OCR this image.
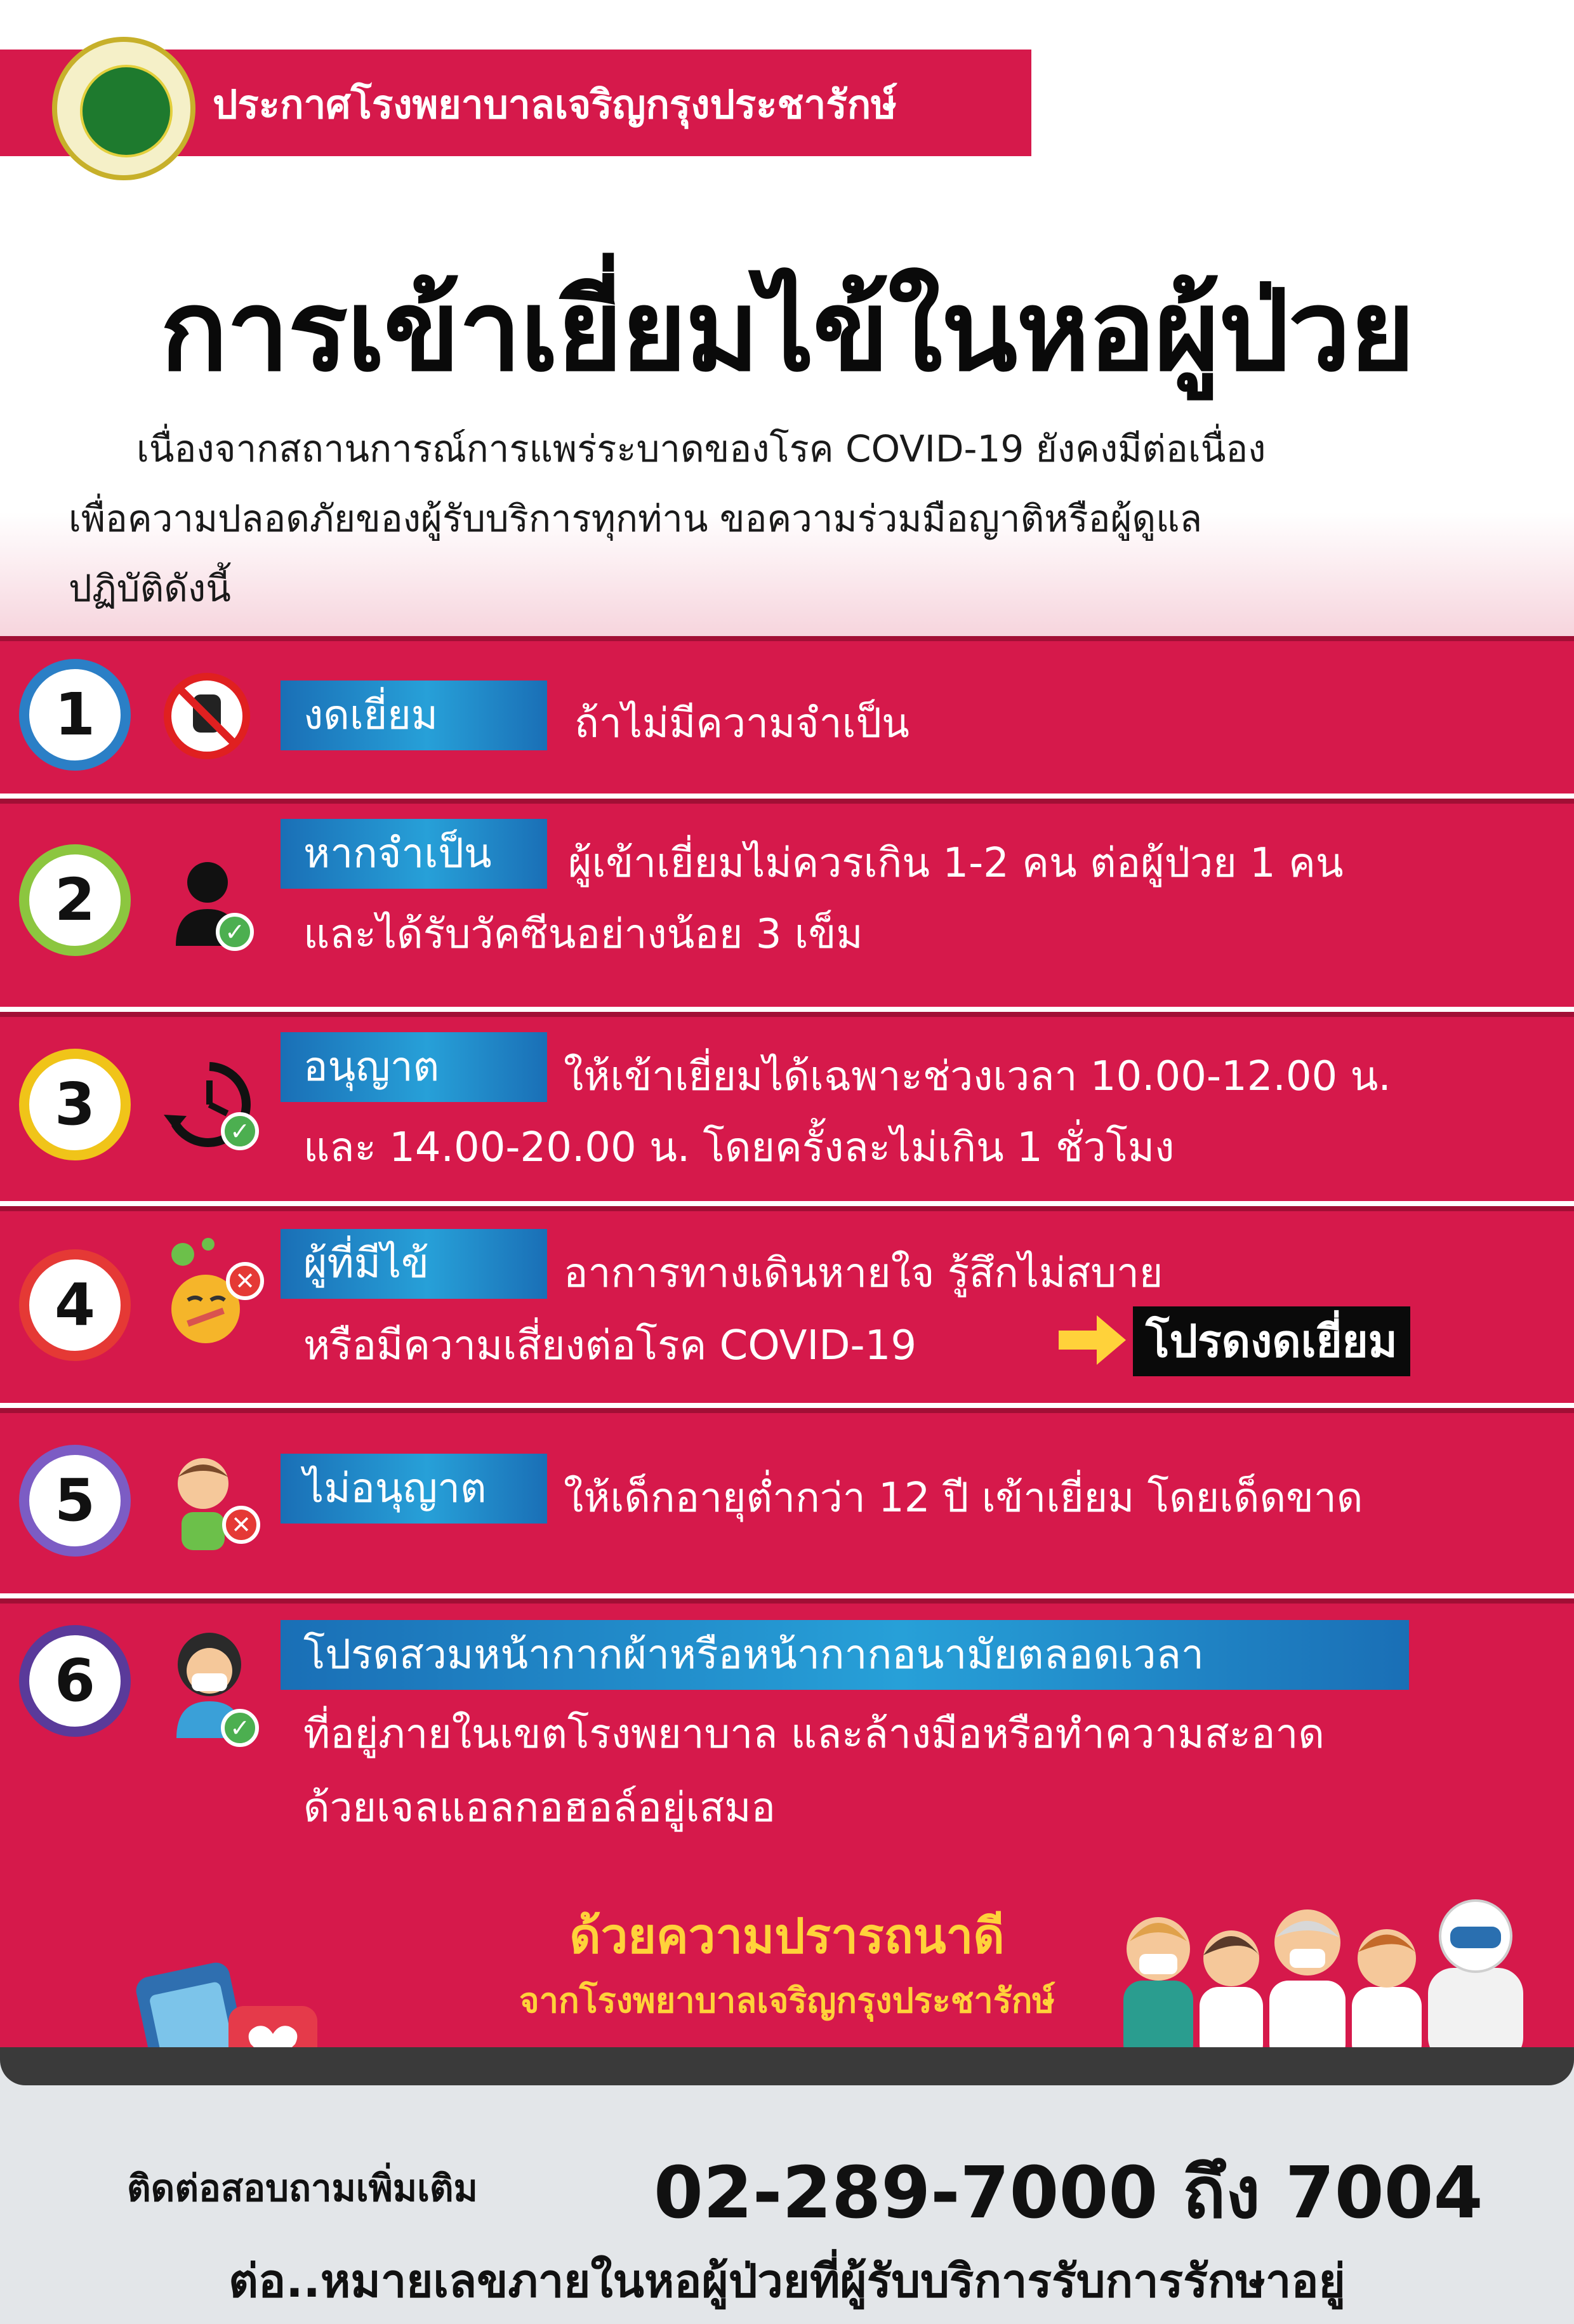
ประกาศโรงพยาบาลเจริญกรุงประชารักษ์
การเข้าเยี่ยมไข้ในหอผู้ป่วย
เนื่องจากสถานการณ์การแพร่ระบาดของโรค COVID-19 ยังคงมีต่อเนื่อง
เพื่อความปลอดภัยของผู้รับบริการทุกท่าน ขอความร่วมมือญาติหรือผู้ดูแล
ปฏิบัติดังนี้
1	งดเยี่ยม	ถ้าไม่มีความจำเป็น
2	✓
หากจำเป็น	ผู้เข้าเยี่ยมไม่ควรเกิน 1-2 คน ต่อผู้ป่วย 1 คน
และได้รับวัคซีนอย่างน้อย 3 เข็ม
3	✓
อนุญาต	ให้เข้าเยี่ยมได้เฉพาะช่วงเวลา 10.00-12.00 น.
และ 14.00-20.00 น. โดยครั้งละไม่เกิน 1 ชั่วโมง
4	✕	ผู้ที่มีไข้	อาการทางเดินหายใจ รู้สึกไม่สบาย
หรือมีความเสี่ยงต่อโรค COVID-19	โปรดงดเยี่ยม
5	✕
ไม่อนุญาต	ให้เด็กอายุต่ำกว่า 12 ปี เข้าเยี่ยม โดยเด็ดขาด
6
✓
โปรดสวมหน้ากากผ้าหรือหน้ากากอนามัยตลอดเวลา
ที่อยู่ภายในเขตโรงพยาบาล และล้างมือหรือทำความสะอาด
ด้วยเจลแอลกอฮอล์อยู่เสมอ
ด้วยความปรารถนาดี
จากโรงพยาบาลเจริญกรุงประชารักษ์
ติดต่อสอบถามเพิ่มเติม 02-289-7000 ถึง 7004
ต่อ..หมายเลขภายในหอผู้ป่วยที่ผู้รับบริการรับการรักษาอยู่
